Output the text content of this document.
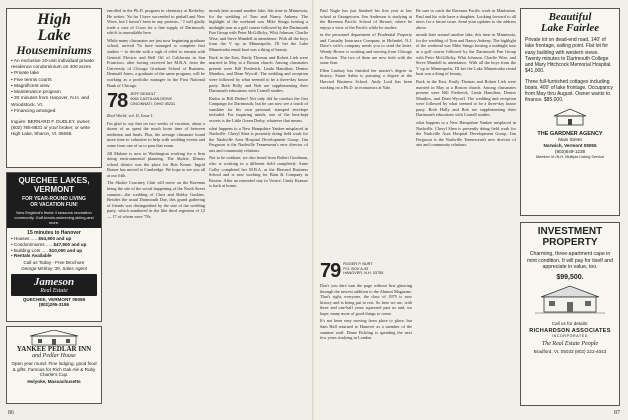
High
Lake
Houseminiums
▪ An exclusive 20-unit individual private residence condominium on 400 acres
▪ Private lake
▪ Five tennis courts
▪ Magnificent view
▪ Maintenance program
▪ 30 minutes from Hanover, N.H. and Woodstock, Vt.
▪ Financing arranged
Inquire: BERNARD F. DUDLEY, owner; (802) 785-8831 or your broker; or write High Lake, Sharon, Vt. 05065.
QUECHEE LAKES,
VERMONT
FOR YEAR-ROUND LIVING
OR VACATION FUN!
New England's finest 4 seasons recreation community. Golf-tennis-swimming-skiing-and more.
15 minutes to Hanover
• Houses ..... $54,900 and up
• Condominiums ..... $47,900 and up
• Building Lots ..... $10,000 and up
• Rentals Available
Call us Today - Free Brochure
George McIlroy '39, Sales Agent
Jameson
Real Estate
QUECHEE, VERMONT 05059
(802)295-3186
YANKEE PEDLAR INN
and Pedlar House
Open year round. Fine lodging, good food & gifts. Famous for Rich Oak Ale & Ruby Charlie's Cup.
Holyoke, Massachusetts

enrolled in the Ph.D. program in chemistry at Berkeley. He writes: 'So far I have succeeded to pinball and New Wave, but I haven't been in any protests...' I will gladly trade a case of Coors for a fine supply of Dartmouth, which is unavailable here.

While many classmates are just now beginning graduate school, arrived 'To have managed to complete first studies -- to decide with a sigh of relief to remain with General Electric and Bell Oil of California in San Francisco, after having received her M.B.A. from the University of Chicago Graduate School of Business. Denmall Jones, a graduate of the same program, will be working as a portfolio manager in the First National Bank of Chicago.

78 JEFF DEMOLT
9060 CASTILIAN DRIVE
CINCINNATI, OHIO 45231

Real World, vol. II, Issue I.

I'm glad to say that on two weeks of vacation, about a dozen of us spent the much loose time of between midterms and finals. Plus, the average classmate found more time to volunteer to help with wedding events and some from one of us to pass that exam.

Jill Malone is now in Washington working for a firm doing environmental planning. The Skokie, Illinois school district was the place for Bob Keane. Ingrid Brauer has moved to Cambridge. We hope to see you all at our fifth.

The Skokie Courtney Club will move on the Ravenna being the site of the social happening of the North Street summer—the wedding of Chris and Bobby Gaskins. Besides the usual Dartmouth Day, this grand gathering of friends was distinguished by the size of the wedding party, which numbered in the like third regiment of 12 — 17 of whom were '78s.

month later around another lake, this time in Minnesota, for the wedding of Tom and Nancy Ankeny. The highlight of the weekend was Mike Stingo hosting a midnight tour at a golf course followed by the Dartmouth Fun Group with Peter McGillicky, Whit Johnson, Charlie Wise, and Steve Mundell in attendance. With all the boys from the V up in Minneapolis, I'll bet the Lake Minnetonka rental boat was a thing of beauty.

Back in the East, Emily Thomas and Robert Lieb were married in May at a Boston church. Among classmates present were Bill Frederick, Linda Hamilton, Denise Manthos, and Dean Wycoff. The wedding and reception were followed by what seemed to be a three-day house party. Both Holly and Bob are supplementing their Dartmouth educations with Cornell studies.

Kudos to Bill Dreher! Not only did he conduct the first Campaign for Dartmouth, but he can now see a touch of sunshine for his own personal, stamped envelope included. For inquiring minds, one of the best-kept secrets is the Little Green Derby, whatever that means.

what happens to a New Hampshire Yankee misplaced in Nashville. Cheryl Shea is presently doing field work for the Nashville Area Hospital Development Group. Jim Ferguson is the Nashville Tennessean's new director of arts and community relations.

Not to be outdone, we also heard from Robert Goodman, who is working in a different field completely. Anne Colby completed her M.B.A. at the Harvard Business School and is now working for Bain & Company in Boston. After an extended stay in Venice, Cindy Kramer is back at home.

86

Paul Nagle has just finished his first year at law school at Georgetown. Jim Anderson is studying at the Ravenna Pacific School of Hawaii, where he enjoys a view of the Pacific while he studies.

in the personnel department of Prudential Property and Casualty Insurance Company in Holmdel, N.J. Dave's wife's company needs you to send the letter. Wendy Bower is working and moving from Chicago to Boston. The two of them are now both with the same firm.

Ellen Lindsay has finished her master's degree in history. Stuart Sabin is pursuing a degree at the Harvard Business School. Andy Lord has been working on a Ph.D. in economics at Yale.

79 ROGER P. BURT
P.O. BOX A-93
HANOVER, N.H. 03755

Don't you dare turn the page without first glancing through the newest addition to the Alumni Magazine. That's right, everyone, the class of 1979 is now history and is being put to rest. So here we are, with three and one-half years squeezed past us and, we hope, many more of good things to come.

It's not been easy moving from place to place, but Sam Hall returned to Hanover as a member of the summer staff. Diane Fickling is spending the next few years studying in London.

Be sure to catch the Ravenna Pacific work in Manhattan. Paul and his wife have a daughter. Looking forward to all news for a future issue. Send your updates to the address above.

month later around another lake, this time in Minnesota, for the wedding of Tom and Nancy Ankeny. The highlight of the weekend was Mike Stingo hosting a midnight tour at a golf course followed by the Dartmouth Fun Group with Peter McGillicky, Whit Johnson, Charlie Wise, and Steve Mundell in attendance. With all the boys from the V up in Minneapolis, I'll bet the Lake Minnetonka rental boat was a thing of beauty.

Back in the East, Emily Thomas and Robert Lieb were married in May at a Boston church. Among classmates present were Bill Frederick, Linda Hamilton, Denise Manthos, and Dean Wycoff. The wedding and reception were followed by what seemed to be a three-day house party. Both Holly and Bob are supplementing their Dartmouth educations with Cornell studies.

what happens to a New Hampshire Yankee misplaced in Nashville. Cheryl Shea is presently doing field work for the Nashville Area Hospital Development Group. Jim Ferguson is the Nashville Tennessean's new director of arts and community relations.

Beautiful
Lake Fairlee
Private lot on dead-end road, 140' of lake frontage, sailing point. Flat lot for easy building with western views. Twenty minutes to Dartmouth College and Mary Hitchcock Memorial Hospital. $41,000.
Three full-furnished cottages including boats, 400' of lake frontage. Occupancy from May thru August. Owner wants to finance. $85,000.
THE GARDNER AGENCY
Main Street
Norwich, Vermont 05055
(802)649-1238
Member Vt./N.H. Multiple Listing Service
INVESTMENT
PROPERTY
Charming, three-apartment cape in mint condition. It will pay for itself and appreciate in value, too.
$99,500.
Call us for details:
RICHARDSON ASSOCIATES
INCORPORATED
The Real Estate People
Bradford, Vt. 05033 (802) 222-4043
87
